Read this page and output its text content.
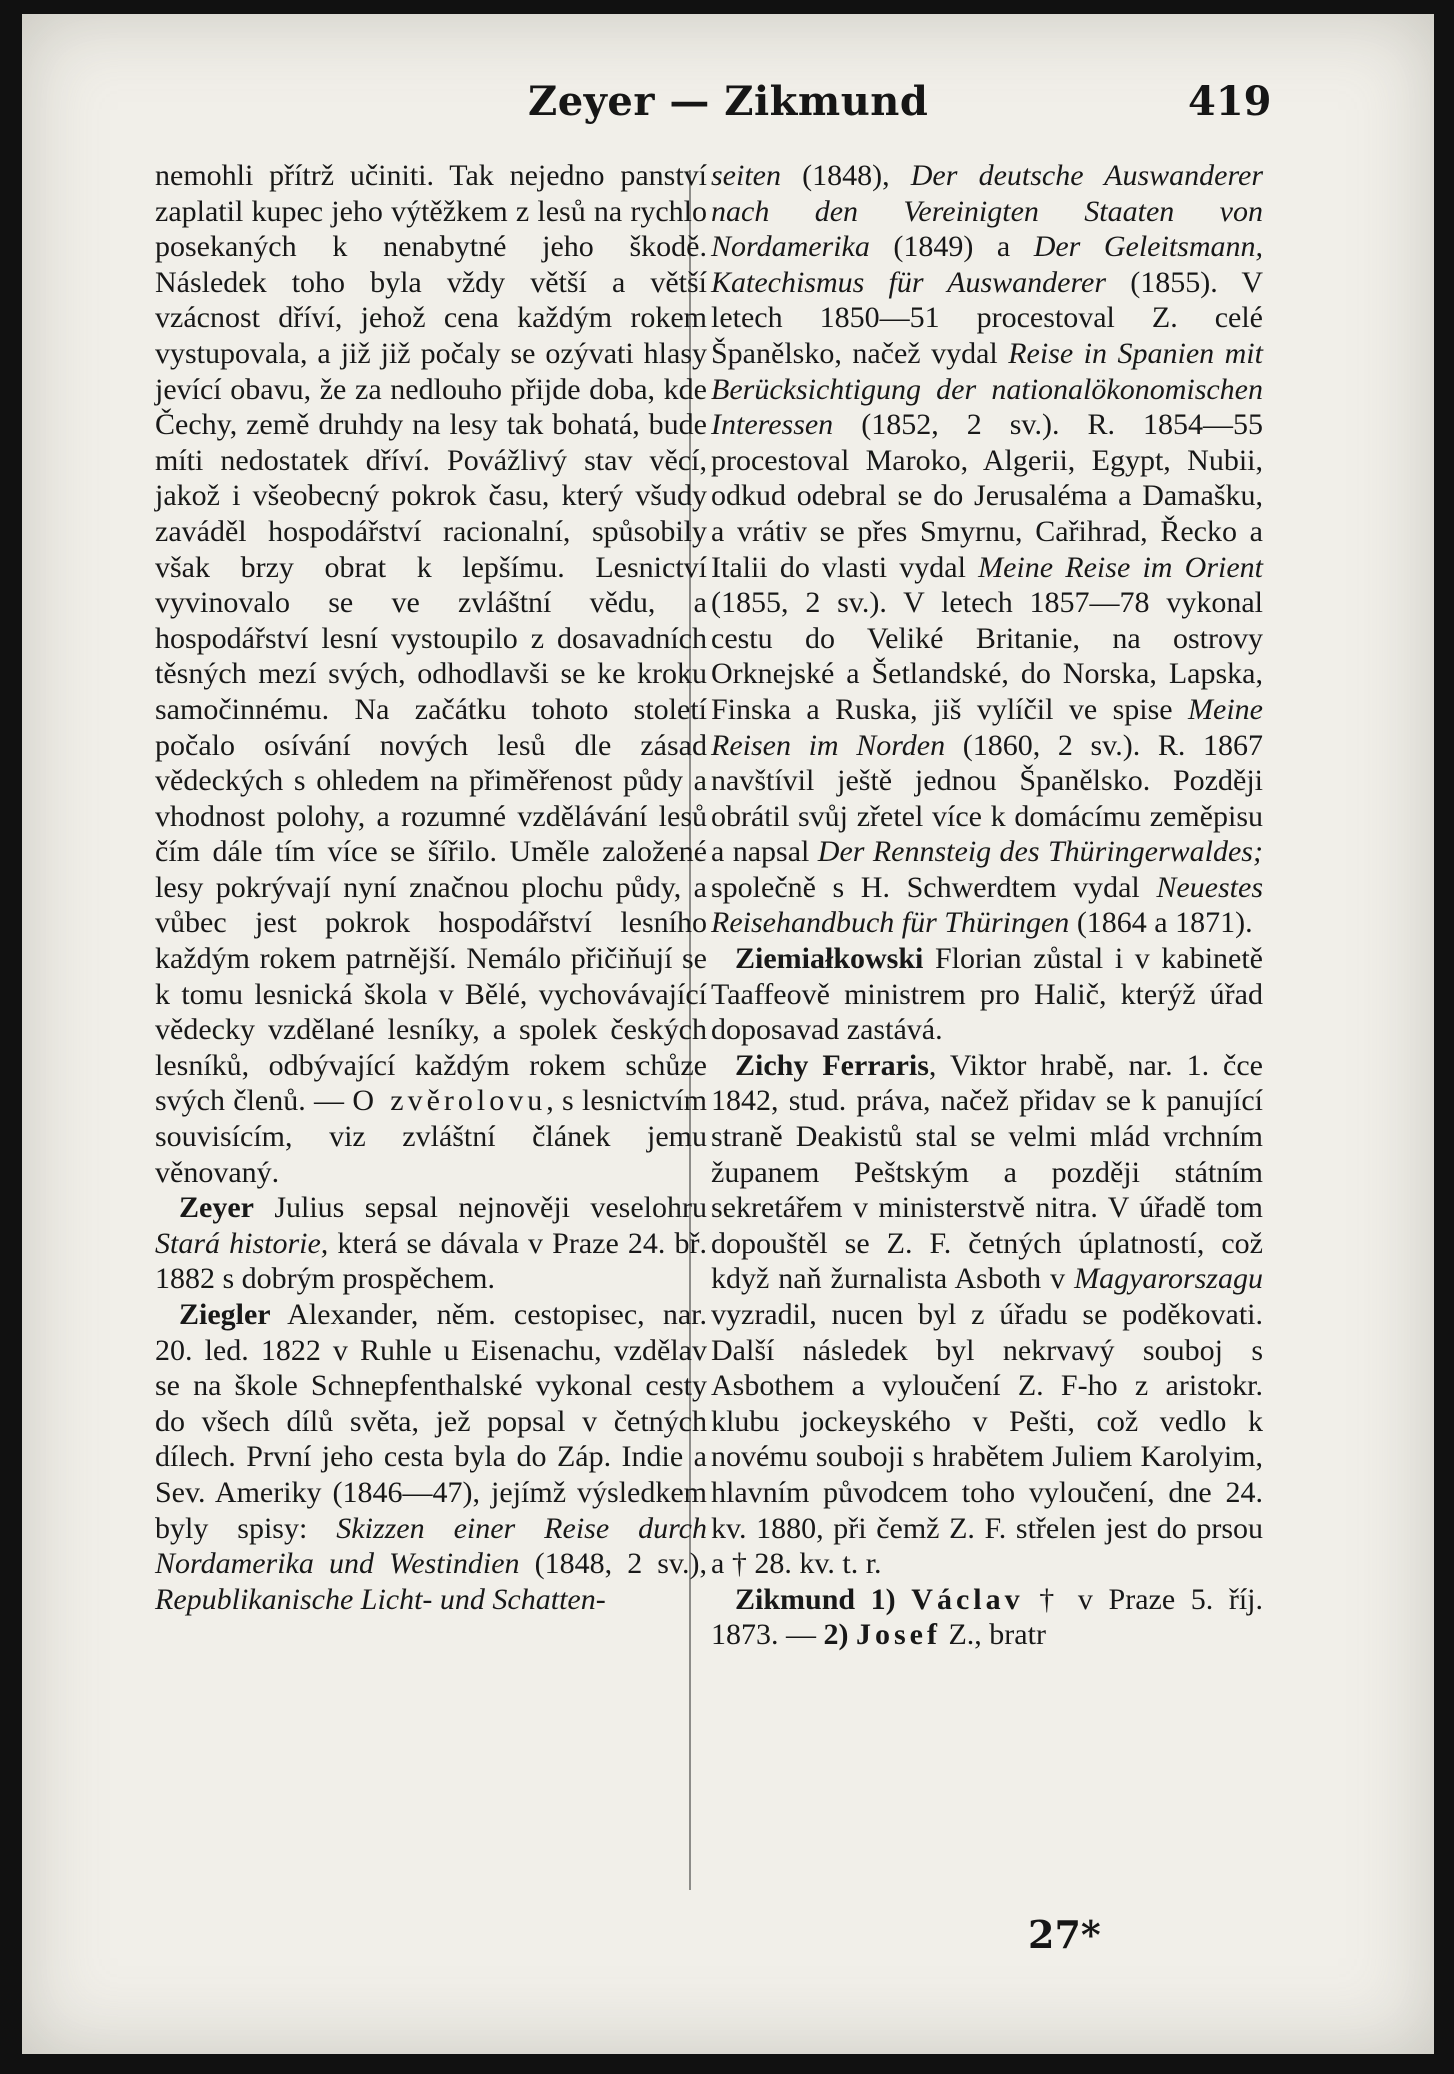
Zeyer — Zikmund	419

nemohli přítrž učiniti. Tak nejedno panství zaplatil kupec jeho výtěžkem z lesů na rychlo posekaných k nenabytné jeho škodě. Následek toho byla vždy větší a větší vzácnost dříví, jehož cena každým rokem vystupovala, a již již počaly se ozývati hlasy jevící obavu, že za nedlouho přijde doba, kde Čechy, země druhdy na lesy tak bohatá, bude míti nedostatek dříví. Povážlivý stav věcí, jakož i všeobecný pokrok času, který všudy zaváděl hospodářství racionalní, spůsobily však brzy obrat k lepšímu. Lesnictví vyvinovalo se ve zvláštní vědu, a hospodářství lesní vystoupilo z dosavadních těsných mezí svých, odhodlavši se ke kroku samočinnému. Na začátku tohoto století počalo osívání nových lesů dle zásad vědeckých s ohledem na přiměřenost půdy a vhodnost polohy, a rozumné vzdělávání lesů čím dále tím více se šířilo. Uměle založené lesy pokrývají nyní značnou plochu půdy, a vůbec jest pokrok hospodářství lesního každým rokem patrnější. Nemálo přičiňují se k tomu lesnická škola v Bělé, vychovávající vědecky vzdělané lesníky, a spolek českých lesníků, odbývající každým rokem schůze svých členů. — O zvěrolovu, s lesnictvím souvisícím, viz zvláštní článek jemu věnovaný.

Zeyer Julius sepsal nejnověji veselohru Stará historie, která se dávala v Praze 24. bř. 1882 s dobrým prospěchem.

Ziegler Alexander, něm. cestopisec, nar. 20. led. 1822 v Ruhle u Eisenachu, vzdělav se na škole Schnepfenthalské vykonal cesty do všech dílů světa, jež popsal v četných dílech. První jeho cesta byla do Záp. Indie a Sev. Ameriky (1846—47), jejímž výsledkem byly spisy: Skizzen einer Reise durch Nordamerika und Westindien (1848, 2 sv.), Republikanische Licht- und Schatten-

seiten (1848), Der deutsche Auswanderer nach den Vereinigten Staaten von Nordamerika (1849) a Der Geleitsmann, Katechismus für Auswanderer (1855). V letech 1850—51 procestoval Z. celé Španělsko, načež vydal Reise in Spanien mit Berücksichtigung der nationalökonomischen Interessen (1852, 2 sv.). R. 1854—55 procestoval Maroko, Algerii, Egypt, Nubii, odkud odebral se do Jerusaléma a Damašku, a vrátiv se přes Smyrnu, Cařihrad, Řecko a Italii do vlasti vydal Meine Reise im Orient (1855, 2 sv.). V letech 1857—78 vykonal cestu do Veliké Britanie, na ostrovy Orknejské a Šetlandské, do Norska, Lapska, Finska a Ruska, jiš vylíčil ve spise Meine Reisen im Norden (1860, 2 sv.). R. 1867 navštívil ještě jednou Španělsko. Později obrátil svůj zřetel více k domácímu zeměpisu a napsal Der Rennsteig des Thüringerwaldes; společně s H. Schwerdtem vydal Neuestes Reisehandbuch für Thüringen (1864 a 1871).

Ziemiałkowski Florian zůstal i v kabinetě Taaffeově ministrem pro Halič, kterýž úřad doposavad zastává.

Zichy Ferraris, Viktor hrabě, nar. 1. čce 1842, stud. práva, načež přidav se k panující straně Deakistů stal se velmi mlád vrchním županem Peštským a později státním sekretářem v ministerstvě nitra. V úřadě tom dopouštěl se Z. F. četných úplatností, což když naň žurnalista Asboth v Magyarorszagu vyzradil, nucen byl z úřadu se poděkovati. Další následek byl nekrvavý souboj s Asbothem a vyloučení Z. F-ho z aristokr. klubu jockeyského v Pešti, což vedlo k novému souboji s hrabětem Juliem Karolyim, hlavním původcem toho vyloučení, dne 24. kv. 1880, při čemž Z. F. střelen jest do prsou a † 28. kv. t. r.

Zikmund 1) Václav † v Praze 5. říj. 1873. — 2) Josef Z., bratr

27*
